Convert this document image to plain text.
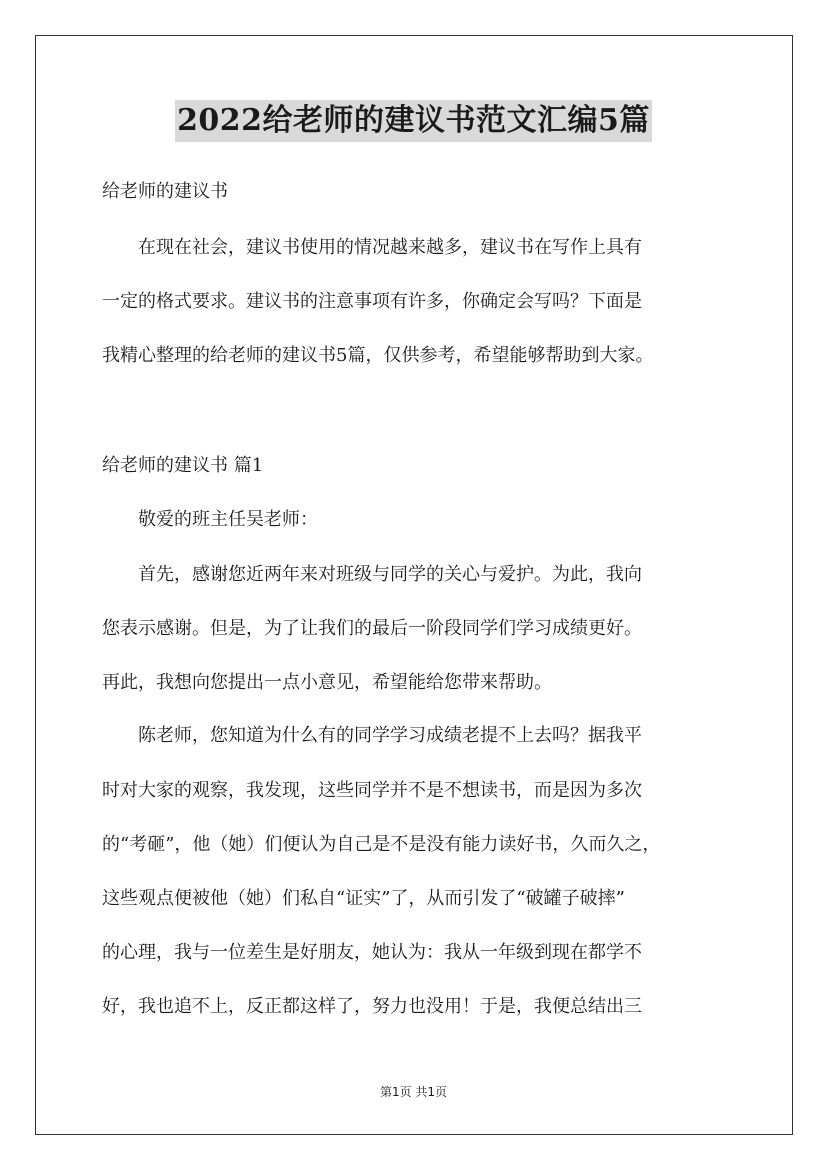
2022给老师的建议书范文汇编5篇
给老师的建议书
　　在现在社会，建议书使用的情况越来越多，建议书在写作上具有
一定的格式要求。建议书的注意事项有许多，你确定会写吗？下面是
我精心整理的给老师的建议书5篇，仅供参考，希望能够帮助到大家。
给老师的建议书 篇1
　　敬爱的班主任吴老师：
　　首先，感谢您近两年来对班级与同学的关心与爱护。为此，我向
您表示感谢。但是，为了让我们的最后一阶段同学们学习成绩更好。
再此，我想向您提出一点小意见，希望能给您带来帮助。
　　陈老师，您知道为什么有的同学学习成绩老提不上去吗？据我平
时对大家的观察，我发现，这些同学并不是不想读书，而是因为多次
的“考砸”，他（她）们便认为自己是不是没有能力读好书，久而久之，
这些观点便被他（她）们私自“证实”了，从而引发了“破罐子破摔”
的心理，我与一位差生是好朋友，她认为：我从一年级到现在都学不
好，我也追不上，反正都这样了，努力也没用！于是，我便总结出三
第1页 共1页
